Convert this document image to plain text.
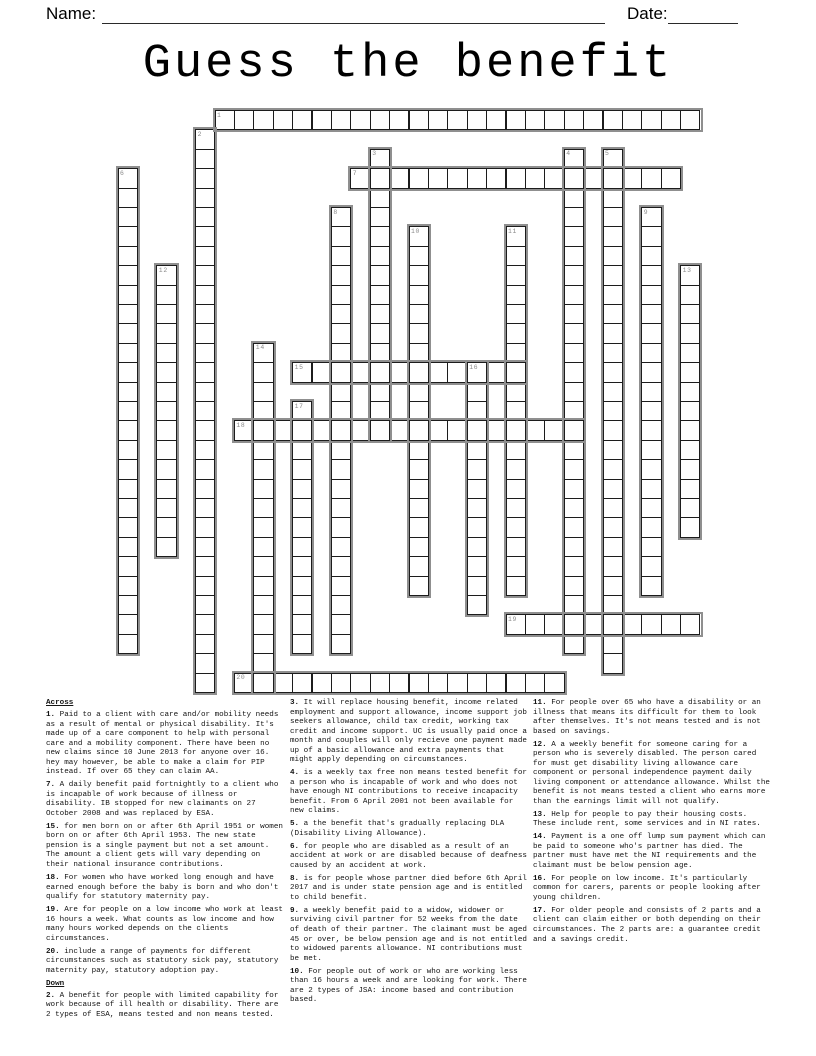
Name:	Date:
Guess the benefit
1
2
3	4	5
6	7
8	9
10	11
12	13
14
15	16
17
18
19
20
Across
1. Paid to a client with care and/or mobility needs as a result of mental or physical disability. It's made up of a care component to help with personal care and a mobility component. There have been no new claims since 10 June 2013 for anyone over 16. hey may however, be able to make a claim for PIP instead. If over 65 they can claim AA.
7. A daily benefit paid fortnightly to a client who is incapable of work because of illness or disability. IB stopped for new claimants on 27 October 2008 and was replaced by ESA.
15. for men born on or after 6th April 1951 or women born on or after 6th April 1953. The new state pension is a single payment but not a set amount. The amount a client gets will vary depending on their national insurance contributions.
18. For women who have worked long enough and have earned enough before the baby is born and who don't qualify for statutory maternity pay.
19. Are for people on a low income who work at least 16 hours a week. What counts as low income and how many hours worked depends on the clients circumstances.
20. include a range of payments for different circumstances such as statutory sick pay, statutory maternity pay, statutory adoption pay.
Down
2. A benefit for people with limited capability for work because of ill health or disability. There are 2 types of ESA, means tested and non means tested.
3. It will replace housing benefit, income related employment and support allowance, income support job seekers allowance, child tax credit, working tax credit and income support. UC is usually paid once a month and couples will only recieve one payment made up of a basic allowance and extra payments that might apply depending on circumstances.
4. is a weekly tax free non means tested benefit for a person who is incapable of work and who does not have enough NI contributions to receive incapacity benefit. From 6 April 2001 not been available for new claims.
5. a the benefit that's gradually replacing DLA (Disability Living Allowance).
6. for people who are disabled as a result of an accident at work or are disabled because of deafness caused by an accident at work.
8. is for people whose partner died before 6th April 2017 and is under state pension age and is entitled to child benefit.
9. a weekly benefit paid to a widow, widower or surviving civil partner for 52 weeks from the date of death of their partner. The claimant must be aged 45 or over, be below pension age and is not entitled to widowed parents allowance. NI contributions must be met.
10. For people out of work or who are working less than 16 hours a week and are looking for work. There are 2 types of JSA: income based and contribution based.
11. For people over 65 who have a disability or an illness that means its difficult for them to look after themselves. It's not means tested and is not based on savings.
12. A a weekly benefit for someone caring for a person who is severely disabled. The person cared for must get disability living allowance care component or personal independence payment daily living component or attendance allowance. Whilst the benefit is not means tested a client who earns more than the earnings limit will not qualify.
13. Help for people to pay their housing costs. These include rent, some services and in NI rates.
14. Payment is a one off lump sum payment which can be paid to someone who's partner has died. The partner must have met the NI requirements and the claimant must be below pension age.
16. For people on low income. It's particularly common for carers, parents or people looking after young children.
17. For older people and consists of 2 parts and a client can claim either or both depending on their circumstances. The 2 parts are: a guarantee credit and a savings credit.
